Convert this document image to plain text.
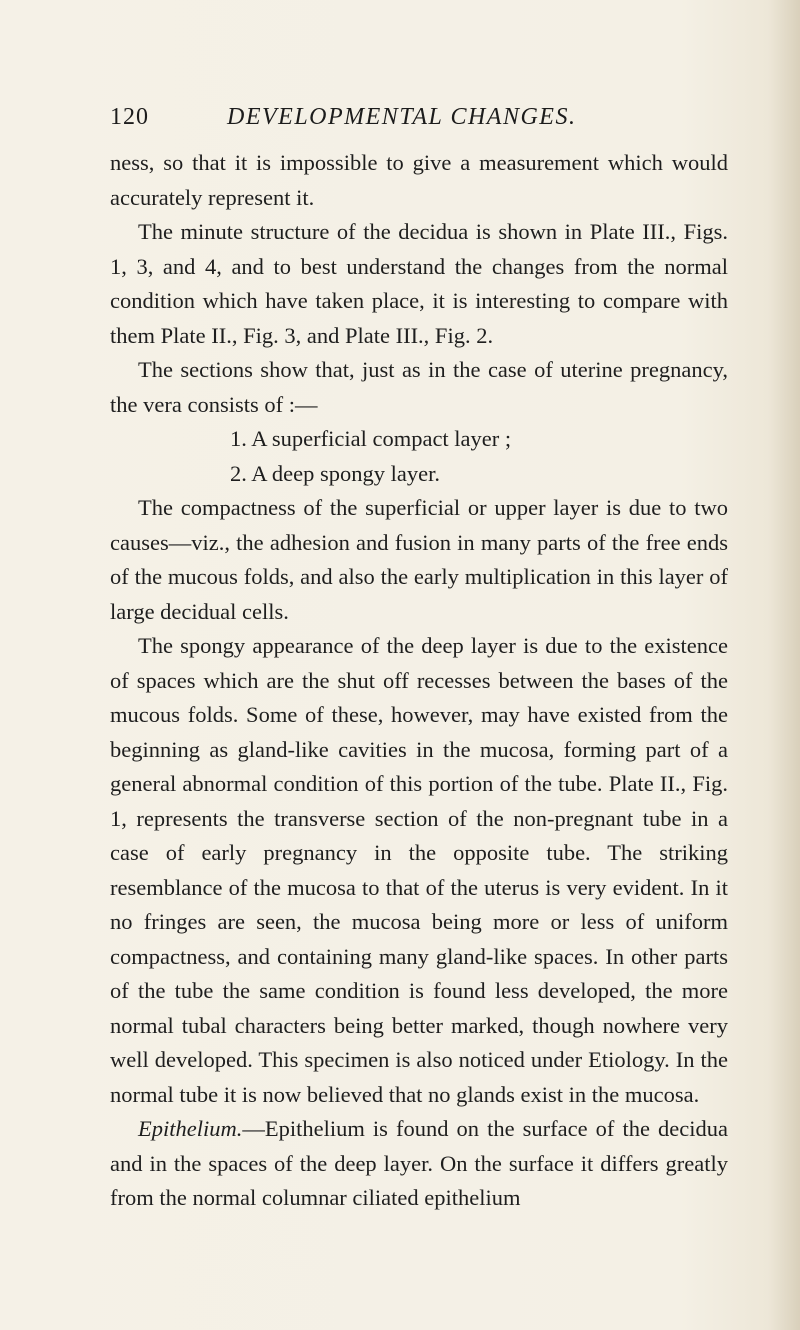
120	DEVELOPMENTAL CHANGES.

ness, so that it is impossible to give a measurement which would accurately represent it.

The minute structure of the decidua is shown in Plate III., Figs. 1, 3, and 4, and to best understand the changes from the normal condition which have taken place, it is interesting to compare with them Plate II., Fig. 3, and Plate III., Fig. 2.

The sections show that, just as in the case of uterine pregnancy, the vera consists of :—

1. A superficial compact layer ;

2. A deep spongy layer.

The compactness of the superficial or upper layer is due to two causes—viz., the adhesion and fusion in many parts of the free ends of the mucous folds, and also the early multiplication in this layer of large decidual cells.

The spongy appearance of the deep layer is due to the existence of spaces which are the shut off recesses between the bases of the mucous folds. Some of these, however, may have existed from the beginning as gland-like cavities in the mucosa, forming part of a general abnormal condition of this portion of the tube. Plate II., Fig. 1, represents the transverse section of the non-pregnant tube in a case of early pregnancy in the opposite tube. The striking resemblance of the mucosa to that of the uterus is very evident. In it no fringes are seen, the mucosa being more or less of uniform compactness, and containing many gland-like spaces. In other parts of the tube the same condition is found less developed, the more normal tubal characters being better marked, though nowhere very well developed. This specimen is also noticed under Etiology. In the normal tube it is now believed that no glands exist in the mucosa.

Epithelium.—Epithelium is found on the surface of the decidua and in the spaces of the deep layer. On the surface it differs greatly from the normal columnar ciliated epithelium
